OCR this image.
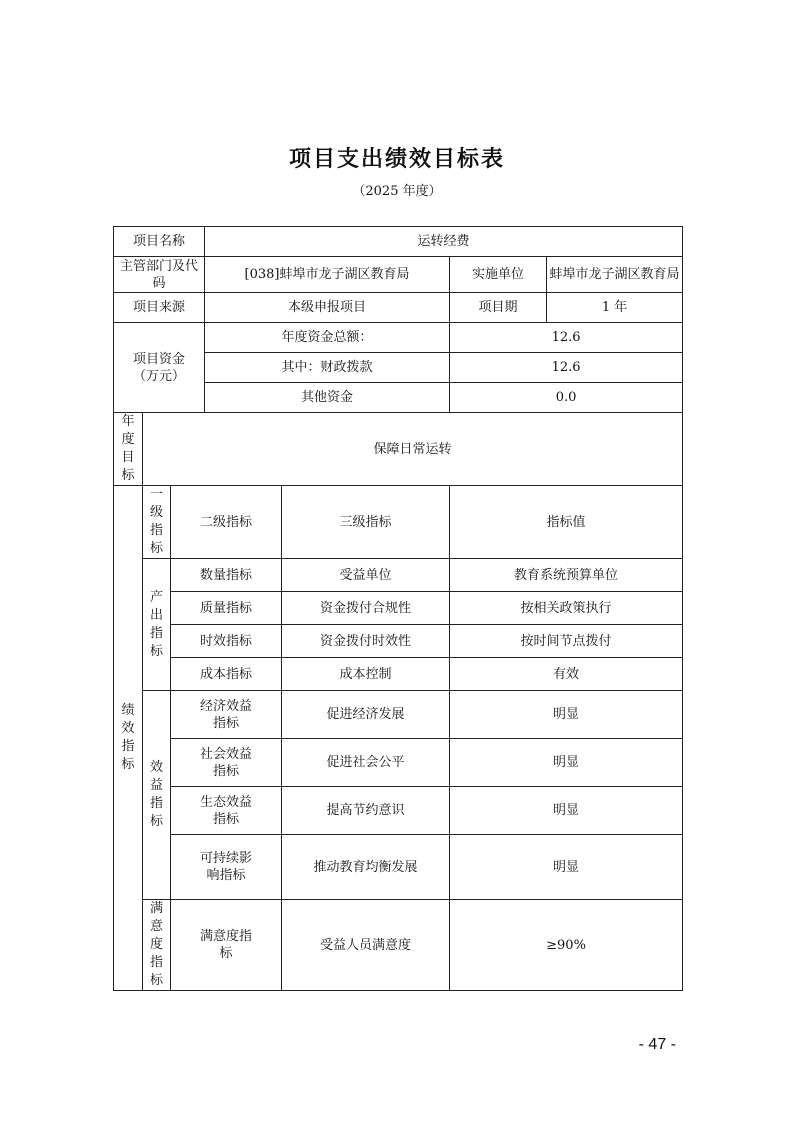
项目支出绩效目标表
（2025 年度）
项目名称			运转经费			
主管部门及代码			[038]蚌埠市龙子湖区教育局		实施单位	蚌埠市龙子湖区教育局
项目来源			本级申报项目		项目期	1 年

项目资金（万元）			年度资金总额：		12.6	
			其中：财政拨款		12.6	
			其他资金		0.0	

年度目标	保障日常运转					

绩效指标	一级指标	二级指标		三级指标	指标值	

	产出指标	数量指标		受益单位	教育系统预算单位	
		质量指标		资金拨付合规性	按相关政策执行	
		时效指标		资金拨付时效性	按时间节点拨付	
		成本指标		成本控制	有效	

	效益指标	经济效益指标		促进经济发展	明显	

		社会效益指标		促进社会公平	明显	

		生态效益指标		提高节约意识	明显	

		可持续影响指标		推动教育均衡发展	明显	

	满意度指标	满意度指标		受益人员满意度	≥90%	
- 47 -
